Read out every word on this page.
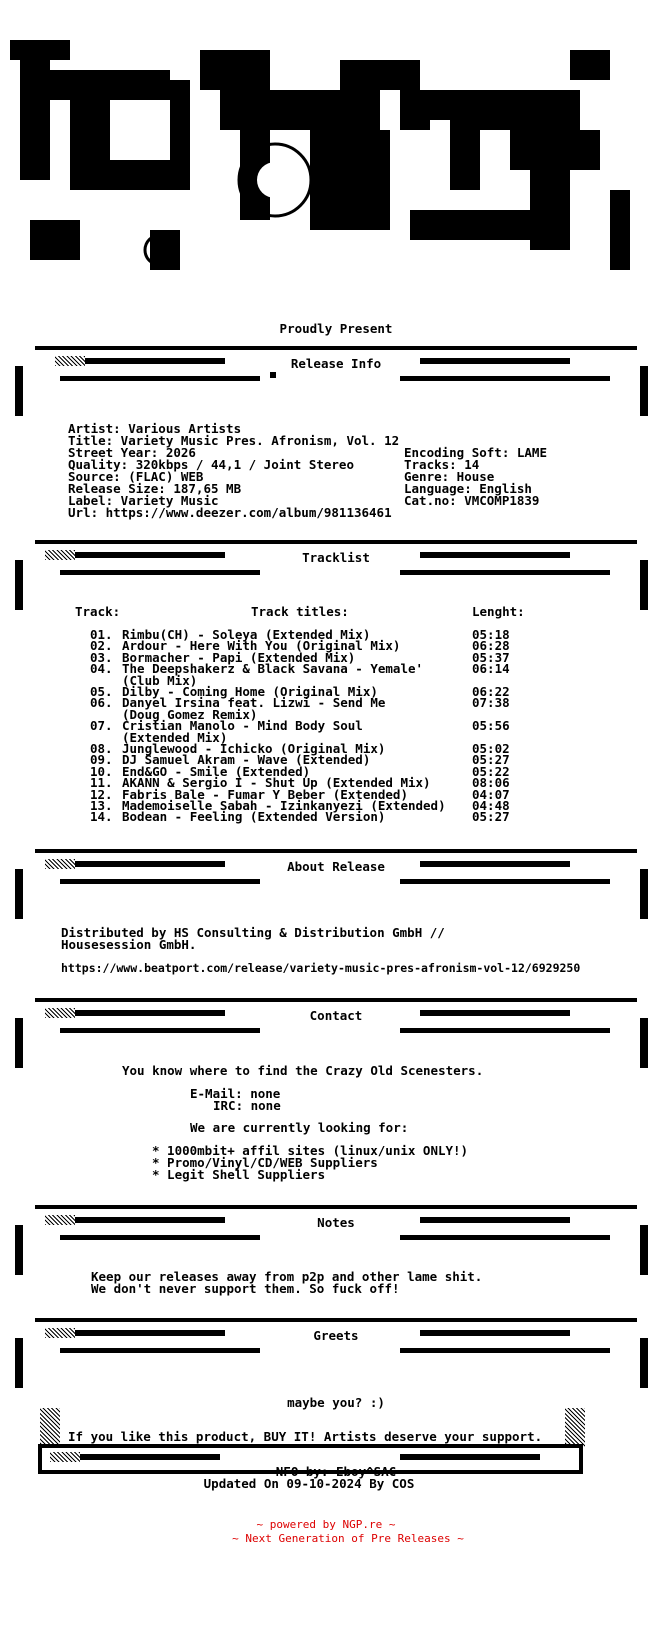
Proudly Present
Release Info
Artist: Various Artists
Title: Variety Music Pres. Afronism, Vol. 12
Street Year: 2026
Quality: 320kbps / 44,1 / Joint Stereo
Source: (FLAC) WEB
Release Size: 187,65 MB
Label: Variety Music
Url: https://www.deezer.com/album/981136461
Encoding Soft: LAME
Tracks: 14
Genre: House
Language: English
Cat.no: VMCOMP1839
Tracklist
Track:	Track titles:	Lenght:
01. Rimbu(CH) - Soleya (Extended Mix)	05:18
02. Ardour - Here With You (Original Mix)	06:28
03. Bormacher - Papi (Extended Mix)	05:37
04. The Deepshakerz & Black Savana - Yemale'	06:14
(Club Mix)
05. Dilby - Coming Home (Original Mix)	06:22
06. Danyel Irsina feat. Lizwi - Send Me	07:38
(Doug Gomez Remix)
07. Cristian Manolo - Mind Body Soul	05:56
(Extended Mix)
08. Junglewood - Ichicko (Original Mix)	05:02
09. DJ Samuel Akram - Wave (Extended)	05:27
10. End&GO - Smile (Extended)	05:22
11. AKANN & Sergio I - Shut Up (Extended Mix)	08:06
12. Fabris Bale - Fumar Y Beber (Extended)	04:07
13. Mademoiselle Sabah - Izinkanyezi (Extended) 04:48
14. Bodean - Feeling (Extended Version)	05:27
About Release
Distributed by HS Consulting & Distribution GmbH //
Housesession GmbH.
https://www.beatport.com/release/variety-music-pres-afronism-vol-12/6929250
Contact
You know where to find the Crazy Old Scenesters.
E-Mail: none
IRC: none
We are currently looking for:
* 1000mbit+ affil sites (linux/unix ONLY!)
* Promo/Vinyl/CD/WEB Suppliers
* Legit Shell Suppliers
Notes
Keep our releases away from p2p and other lame shit.
We don't never support them. So fuck off!
Greets
maybe you? :)
If you like this product, BUY IT! Artists deserve your support.
NFO by: Eboy^SAC
Updated On 09-10-2024 By COS
~ powered by NGP.re ~
~ Next Generation of Pre Releases ~
